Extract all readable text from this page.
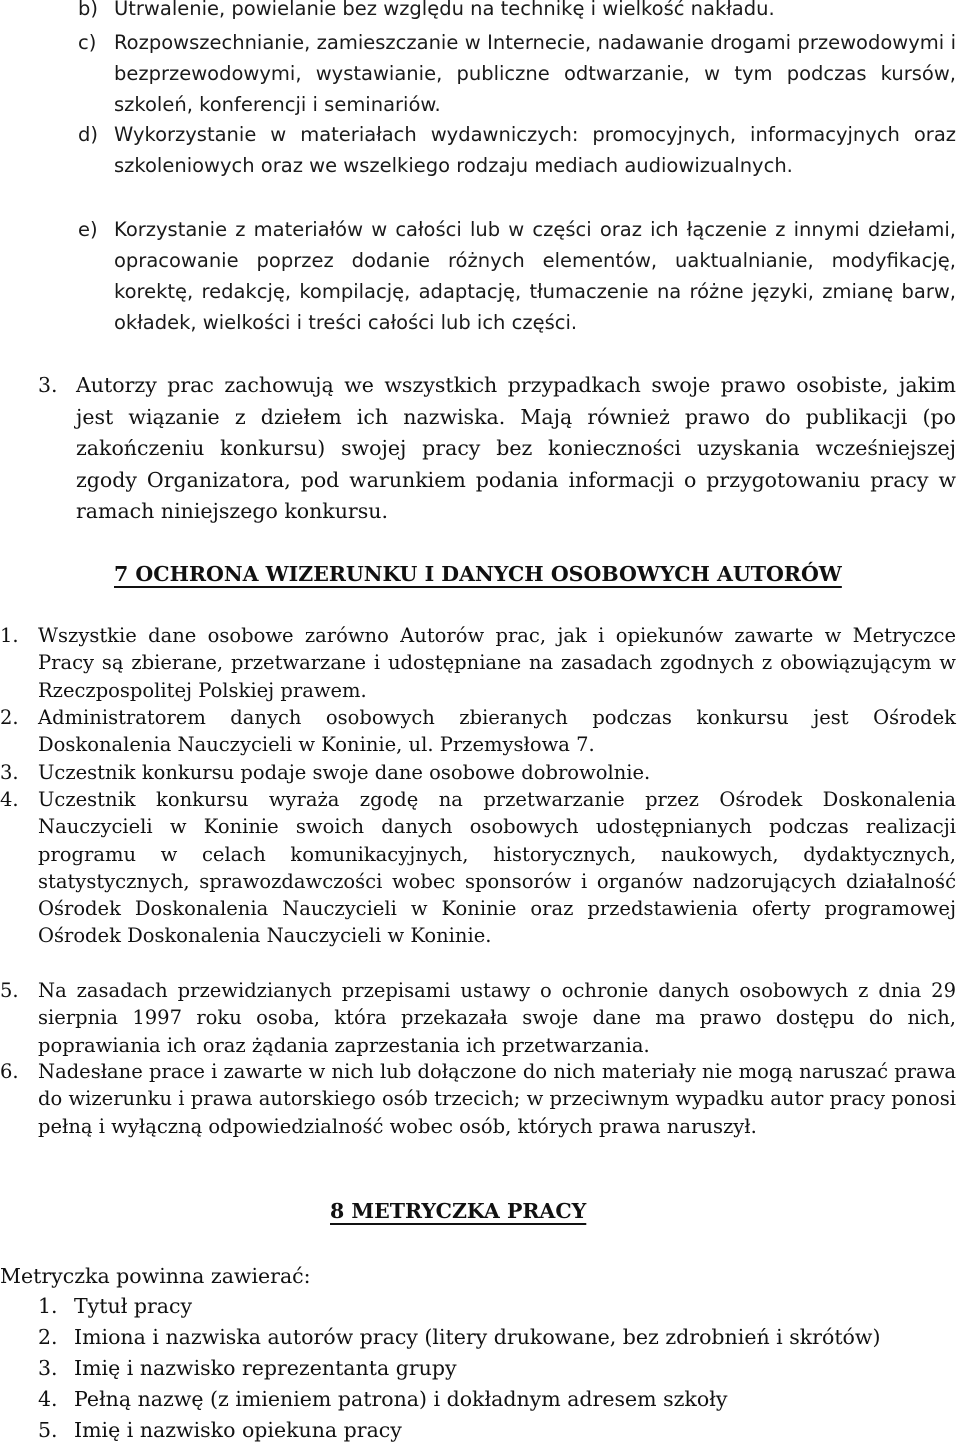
b) Utrwalenie, powielanie bez względu na technikę i wielkość nakładu.
c) Rozpowszechnianie, zamieszczanie w Internecie, nadawanie drogami przewodowymi i bezprzewodowymi, wystawianie, publiczne odtwarzanie, w tym podczas kursów, szkoleń, konferencji i seminariów.
d) Wykorzystanie w materiałach wydawniczych: promocyjnych, informacyjnych oraz szkoleniowych oraz we wszelkiego rodzaju mediach audiowizualnych.
e) Korzystanie z materiałów w całości lub w części oraz ich łączenie z innymi dziełami, opracowanie poprzez dodanie różnych elementów, uaktualnianie, modyfikację, korektę, redakcję, kompilację, adaptację, tłumaczenie na różne języki, zmianę barw, okładek, wielkości i treści całości lub ich części.
3. Autorzy prac zachowują we wszystkich przypadkach swoje prawo osobiste, jakim jest wiązanie z dziełem ich nazwiska. Mają również prawo do publikacji (po zakończeniu konkursu) swojej pracy bez konieczności uzyskania wcześniejszej zgody Organizatora, pod warunkiem podania informacji o przygotowaniu pracy w ramach niniejszego konkursu.
7 OCHRONA WIZERUNKU I DANYCH OSOBOWYCH AUTORÓW
1. Wszystkie dane osobowe zarówno Autorów prac, jak i opiekunów zawarte w Metryczce Pracy są zbierane, przetwarzane i udostępniane na zasadach zgodnych z obowiązującym w Rzeczpospolitej Polskiej prawem.
2. Administratorem danych osobowych zbieranych podczas konkursu jest Ośrodek Doskonalenia Nauczycieli w Koninie, ul. Przemysłowa 7.
3. Uczestnik konkursu podaje swoje dane osobowe dobrowolnie.
4. Uczestnik konkursu wyraża zgodę na przetwarzanie przez Ośrodek Doskonalenia Nauczycieli w Koninie swoich danych osobowych udostępnianych podczas realizacji programu w celach komunikacyjnych, historycznych, naukowych, dydaktycznych, statystycznych, sprawozdawczości wobec sponsorów i organów nadzorujących działalność Ośrodek Doskonalenia Nauczycieli w Koninie oraz przedstawienia oferty programowej Ośrodek Doskonalenia Nauczycieli w Koninie.
5. Na zasadach przewidzianych przepisami ustawy o ochronie danych osobowych z dnia 29 sierpnia 1997 roku osoba, która przekazała swoje dane ma prawo dostępu do nich, poprawiania ich oraz żądania zaprzestania ich przetwarzania.
6. Nadesłane prace i zawarte w nich lub dołączone do nich materiały nie mogą naruszać prawa do wizerunku i prawa autorskiego osób trzecich; w przeciwnym wypadku autor pracy ponosi pełną i wyłączną odpowiedzialność wobec osób, których prawa naruszył.
8 METRYCZKA PRACY
Metryczka powinna zawierać:
1. Tytuł pracy
2. Imiona i nazwiska autorów pracy (litery drukowane, bez zdrobnień i skrótów)
3. Imię i nazwisko reprezentanta grupy
4. Pełną nazwę (z imieniem patrona) i dokładnym adresem szkoły
5. Imię i nazwisko opiekuna pracy
